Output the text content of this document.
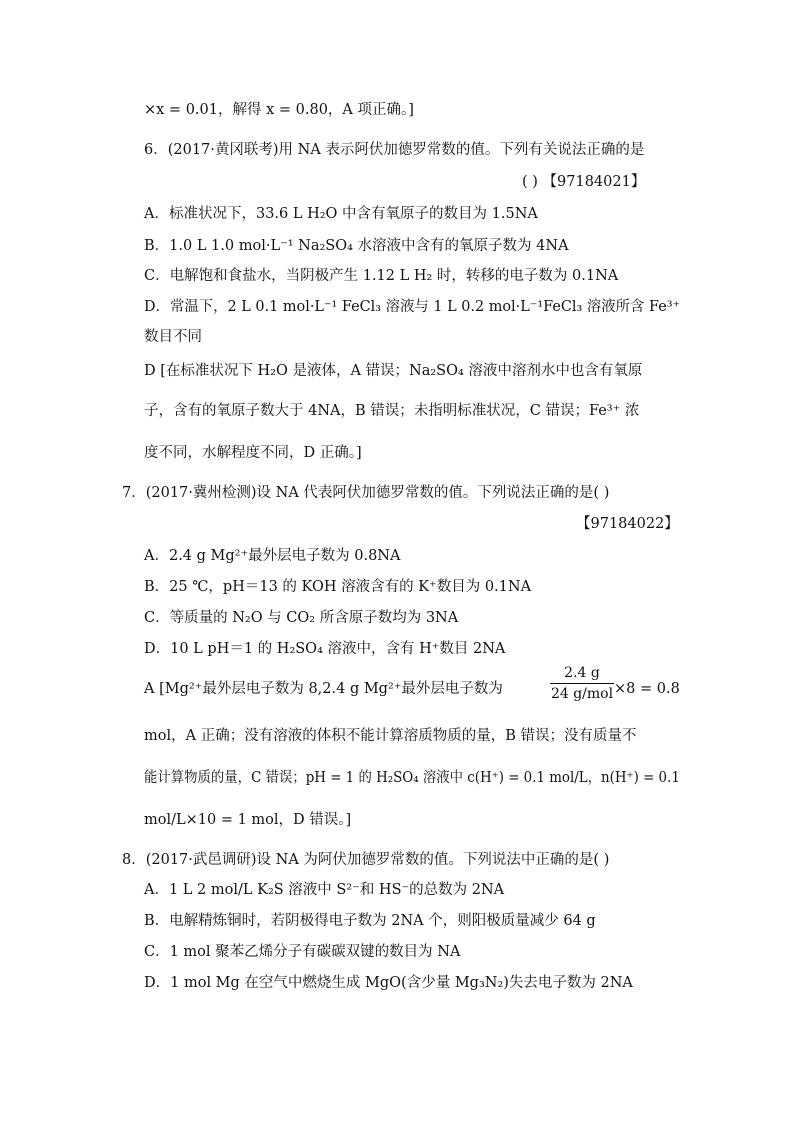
×x = 0.01，解得 x = 0.80，A 项正确。]
6．(2017·黄冈联考)用 NA 表示阿伏加德罗常数的值。下列有关说法正确的是
( ) 【97184021】
A．标准状况下，33.6 L H₂O 中含有氧原子的数目为 1.5NA
B．1.0 L 1.0 mol·L⁻¹ Na₂SO₄ 水溶液中含有的氧原子数为 4NA
C．电解饱和食盐水，当阴极产生 1.12 L H₂ 时，转移的电子数为 0.1NA
D．常温下，2 L 0.1 mol·L⁻¹ FeCl₃ 溶液与 1 L 0.2 mol·L⁻¹FeCl₃ 溶液所含 Fe³⁺
数目不同
D [在标准状况下 H₂O 是液体，A 错误；Na₂SO₄ 溶液中溶剂水中也含有氧原
子，含有的氧原子数大于 4NA，B 错误；未指明标准状况，C 错误；Fe³⁺ 浓
度不同，水解程度不同，D 正确。]
7．(2017·冀州检测)设 NA 代表阿伏加德罗常数的值。下列说法正确的是( )
【97184022】
A．2.4 g Mg²⁺最外层电子数为 0.8NA
B．25 ℃，pH＝13 的 KOH 溶液含有的 K⁺数目为 0.1NA
C．等质量的 N₂O 与 CO₂ 所含原子数均为 3NA
D．10 L pH＝1 的 H₂SO₄ 溶液中，含有 H⁺数目 2NA
A [Mg²⁺最外层电子数为 8,2.4 g Mg²⁺最外层电子数为
2.4 g
24 g/mol ×8 = 0.8
mol，A 正确；没有溶液的体积不能计算溶质物质的量，B 错误；没有质量不
能计算物质的量，C 错误；pH = 1 的 H₂SO₄ 溶液中 c(H⁺) = 0.1 mol/L，n(H⁺) = 0.1
mol/L×10 = 1 mol，D 错误。]
8．(2017·武邑调研)设 NA 为阿伏加德罗常数的值。下列说法中正确的是( )
A．1 L 2 mol/L K₂S 溶液中 S²⁻和 HS⁻的总数为 2NA
B．电解精炼铜时，若阴极得电子数为 2NA 个，则阳极质量减少 64 g
C．1 mol 聚苯乙烯分子有碳碳双键的数目为 NA
D．1 mol Mg 在空气中燃烧生成 MgO(含少量 Mg₃N₂)失去电子数为 2NA
